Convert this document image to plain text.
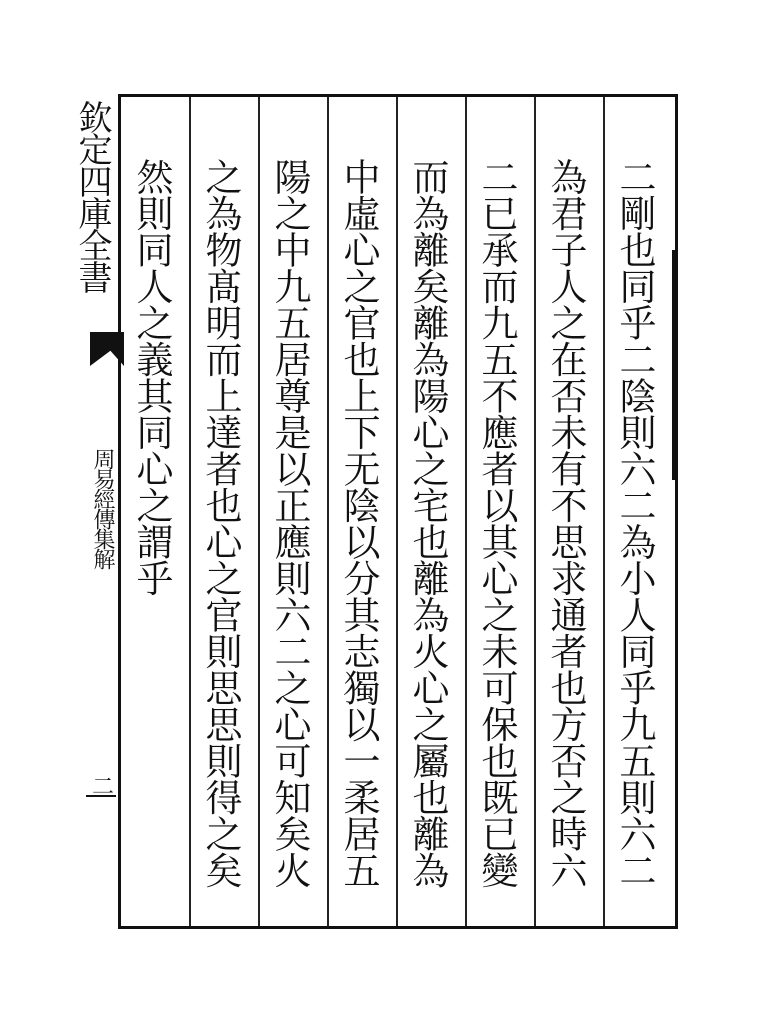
欽定四庫全書
周易經傳集解
二	二剛也同乎二陰則六二為小人同乎九五則六二
為君子人之在否未有不思求通者也方否之時六
二已承而九五不應者以其心之未可保也既已變
而為離矣離為陽心之宅也離為火心之屬也離為
中虛心之官也上下无陰以分其志獨以一柔居五
陽之中九五居尊是以正應則六二之心可知矣火
之為物髙明而上達者也心之官則思思則得之矣
然則同人之義其同心之謂乎
